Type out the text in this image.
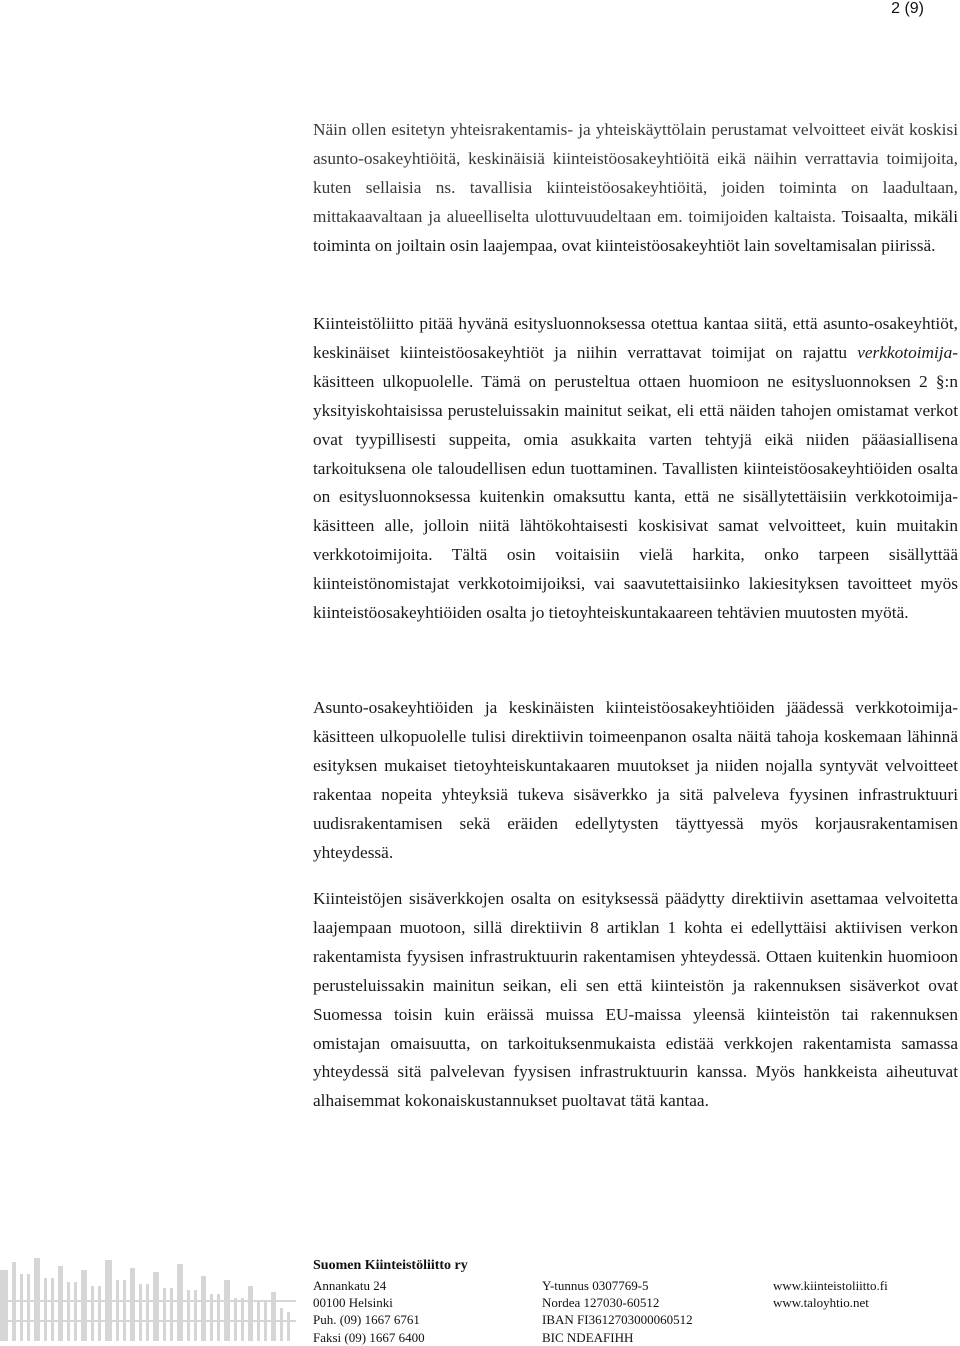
2 (9)

Näin ollen esitetyn yhteisrakentamis- ja yhteiskäyttölain perustamat velvoitteet eivät koskisi asunto-osakeyhtiöitä, keskinäisiä kiinteistöosakeyhtiöitä eikä näihin verrattavia toimijoita, kuten sellaisia ns. tavallisia kiinteistöosakeyhtiöitä, joiden toiminta on laadultaan, mittakaavaltaan ja alueelliselta ulottuvuudeltaan em. toimijoiden kaltaista. Toisaalta, mikäli toiminta on joiltain osin laajempaa, ovat kiinteistöosakeyhtiöt lain soveltamisalan piirissä.

Kiinteistöliitto pitää hyvänä esitysluonnoksessa otettua kantaa siitä, että asunto-osakeyhtiöt, keskinäiset kiinteistöosakeyhtiöt ja niihin verrattavat toimijat on rajattu verkkotoimija-käsitteen ulkopuolelle. Tämä on perusteltua ottaen huomioon ne esitysluonnoksen 2 §:n yksityiskohtaisissa perusteluissakin mainitut seikat, eli että näiden tahojen omistamat verkot ovat tyypillisesti suppeita, omia asukkaita varten tehtyjä eikä niiden pääasiallisena tarkoituksena ole taloudellisen edun tuottaminen. Tavallisten kiinteistöosakeyhtiöiden osalta on esitysluonnoksessa kuitenkin omaksuttu kanta, että ne sisällytettäisiin verkkotoimija-käsitteen alle, jolloin niitä lähtökohtaisesti koskisivat samat velvoitteet, kuin muitakin verkkotoimijoita. Tältä osin voitaisiin vielä harkita, onko tarpeen sisällyttää kiinteistönomistajat verkkotoimijoiksi, vai saavutettaisiinko lakiesityksen tavoitteet myös kiinteistöosakeyhtiöiden osalta jo tietoyhteiskuntakaareen tehtävien muutosten myötä.

Asunto-osakeyhtiöiden ja keskinäisten kiinteistöosakeyhtiöiden jäädessä verkkotoimija-käsitteen ulkopuolelle tulisi direktiivin toimeenpanon osalta näitä tahoja koskemaan lähinnä esityksen mukaiset tietoyhteiskuntakaaren muutokset ja niiden nojalla syntyvät velvoitteet rakentaa nopeita yhteyksiä tukeva sisäverkko ja sitä palveleva fyysinen infrastruktuuri uudisrakentamisen sekä eräiden edellytysten täyttyessä myös korjausrakentamisen yhteydessä.

Kiinteistöjen sisäverkkojen osalta on esityksessä päädytty direktiivin asettamaa velvoitetta laajempaan muotoon, sillä direktiivin 8 artiklan 1 kohta ei edellyttäisi aktiivisen verkon rakentamista fyysisen infrastruktuurin rakentamisen yhteydessä. Ottaen kuitenkin huomioon perusteluissakin mainitun seikan, eli sen että kiinteistön ja rakennuksen sisäverkot ovat Suomessa toisin kuin eräissä muissa EU-maissa yleensä kiinteistön tai rakennuksen omistajan omaisuutta, on tarkoituksenmukaista edistää verkkojen rakentamista samassa yhteydessä sitä palvelevan fyysisen infrastruktuurin kanssa. Myös hankkeista aiheutuvat alhaisemmat kokonaiskustannukset puoltavat tätä kantaa.

Suomen Kiinteistöliitto ry
Annankatu 24
00100 Helsinki
Puh. (09) 1667 6761
Faksi (09) 1667 6400
Y-tunnus 0307769-5
Nordea 127030-60512
IBAN FI3612703000060512
BIC NDEAFIHH
www.kiinteistoliitto.fi
www.taloyhtio.net
